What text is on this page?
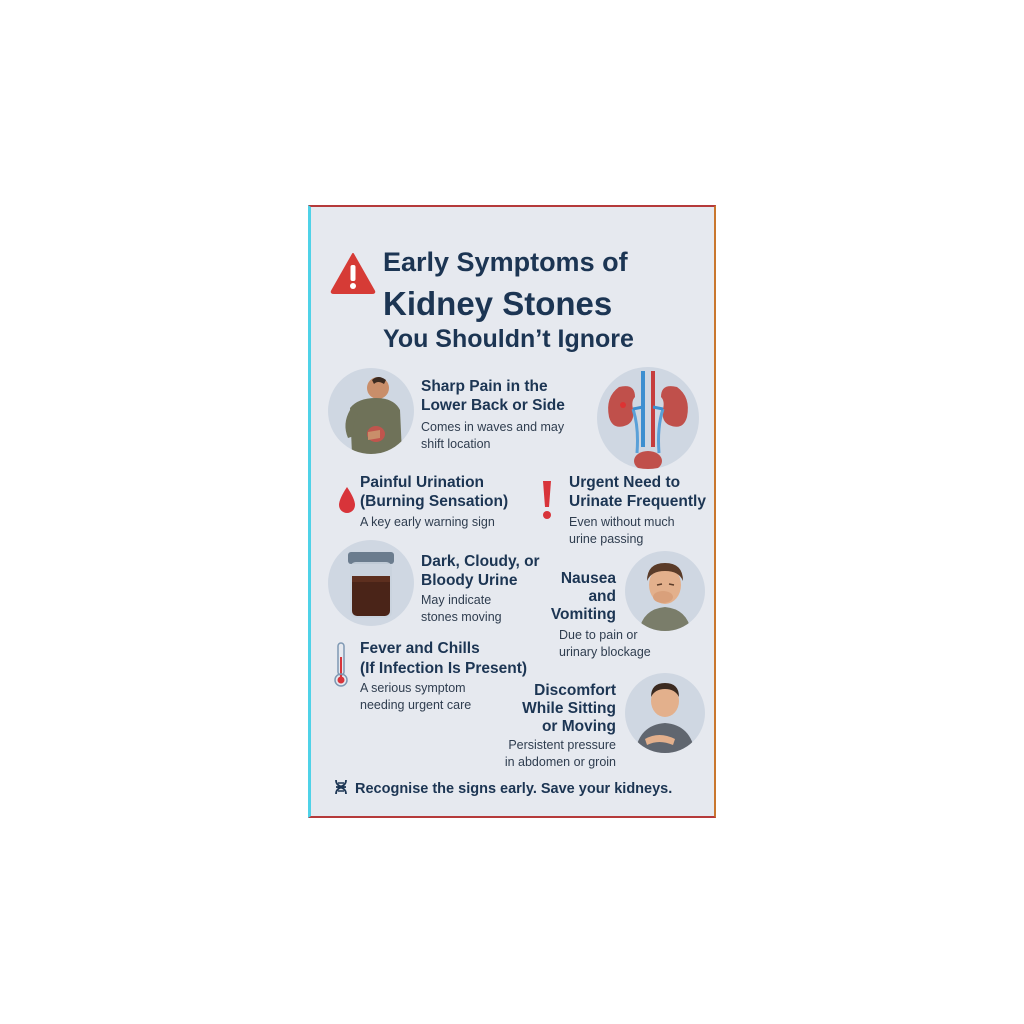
Early Symptoms of
Kidney Stones
You Shouldn’t Ignore
Sharp Pain in the
Lower Back or Side
Comes in waves and may
shift location
Painful Urination
(Burning Sensation)
A key early warning sign
Urgent Need to
Urinate Frequently
Even without much
urine passing
Dark, Cloudy, or
Bloody Urine
May indicate
stones moving
Nausea
and
Vomiting
Due to pain or
urinary blockage
Fever and Chills
(If Infection Is Present)
A serious symptom
needing urgent care
Discomfort
While Sitting
or Moving
Persistent pressure
in abdomen or groin
Recognise the signs early. Save your kidneys.
